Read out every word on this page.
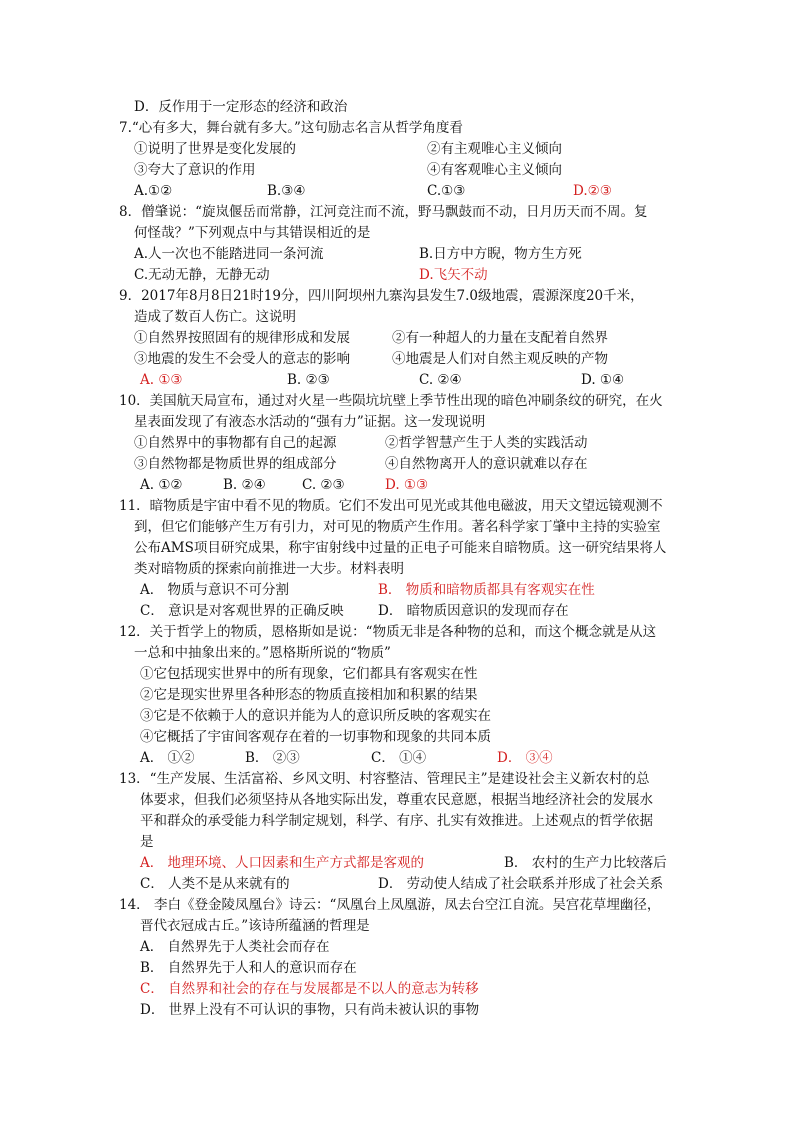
D．反作用于一定形态的经济和政治
7.“心有多大，舞台就有多大。”这句励志名言从哲学角度看
①说明了世界是变化发展的	②有主观唯心主义倾向
③夸大了意识的作用	④有客观唯心主义倾向
A.①②	B.③④	C.①③	D.②③
8．僧肇说：“旋岚偃岳而常静，江河竞注而不流，野马飘鼓而不动，日月历天而不周。复
何怪哉？”下列观点中与其错误相近的是
A.人一次也不能踏进同一条河流	B.日方中方睨，物方生方死
C.无动无静，无静无动	D.飞矢不动
9．2017年8月8日21时19分，四川阿坝州九寨沟县发生7.0级地震，震源深度20千米，
造成了数百人伤亡。这说明
①自然界按照固有的规律形成和发展	②有一种超人的力量在支配着自然界
③地震的发生不会受人的意志的影响	④地震是人们对自然主观反映的产物
A. ①③	B. ②③	C. ②④	D. ①④
10．美国航天局宣布，通过对火星一些陨坑坑壁上季节性出现的暗色冲刷条纹的研究，在火
星表面发现了有液态水活动的“强有力”证据。这一发现说明
①自然界中的事物都有自己的起源	②哲学智慧产生于人类的实践活动
③自然物都是物质世界的组成部分	④自然物离开人的意识就难以存在
A. ①②	B. ②④	C. ②③	D. ①③
11．暗物质是宇宙中看不见的物质。它们不发出可见光或其他电磁波，用天文望远镜观测不
到，但它们能够产生万有引力，对可见的物质产生作用。著名科学家丁肇中主持的实验室
公布AMS项目研究成果，称宇宙射线中过量的正电子可能来自暗物质。这一研究结果将人
类对暗物质的探索向前推进一大步。材料表明
A． 物质与意识不可分割	B． 物质和暗物质都具有客观实在性
C． 意识是对客观世界的正确反映	D． 暗物质因意识的发现而存在
12．关于哲学上的物质，恩格斯如是说：“物质无非是各种物的总和，而这个概念就是从这
一总和中抽象出来的。”恩格斯所说的“物质”
①它包括现实世界中的所有现象，它们都具有客观实在性
②它是现实世界里各种形态的物质直接相加和积累的结果
③它是不依赖于人的意识并能为人的意识所反映的客观实在
④它概括了宇宙间客观存在着的一切事物和现象的共同本质
A． ①②	B． ②③	C． ①④	D． ③④
13．“生产发展、生活富裕、乡风文明、村容整洁、管理民主”是建设社会主义新农村的总
体要求，但我们必须坚持从各地实际出发，尊重农民意愿，根据当地经济社会的发展水
平和群众的承受能力科学制定规划，科学、有序、扎实有效推进。上述观点的哲学依据
是
A． 地理环境、人口因素和生产方式都是客观的	B． 农村的生产力比较落后
C． 人类不是从来就有的	D． 劳动使人结成了社会联系并形成了社会关系
14． 李白《登金陵凤凰台》诗云：“凤凰台上凤凰游，凤去台空江自流。吴宫花草埋幽径，
晋代衣冠成古丘。”该诗所蕴涵的哲理是
A． 自然界先于人类社会而存在
B． 自然界先于人和人的意识而存在
C． 自然界和社会的存在与发展都是不以人的意志为转移
D． 世界上没有不可认识的事物，只有尚未被认识的事物
